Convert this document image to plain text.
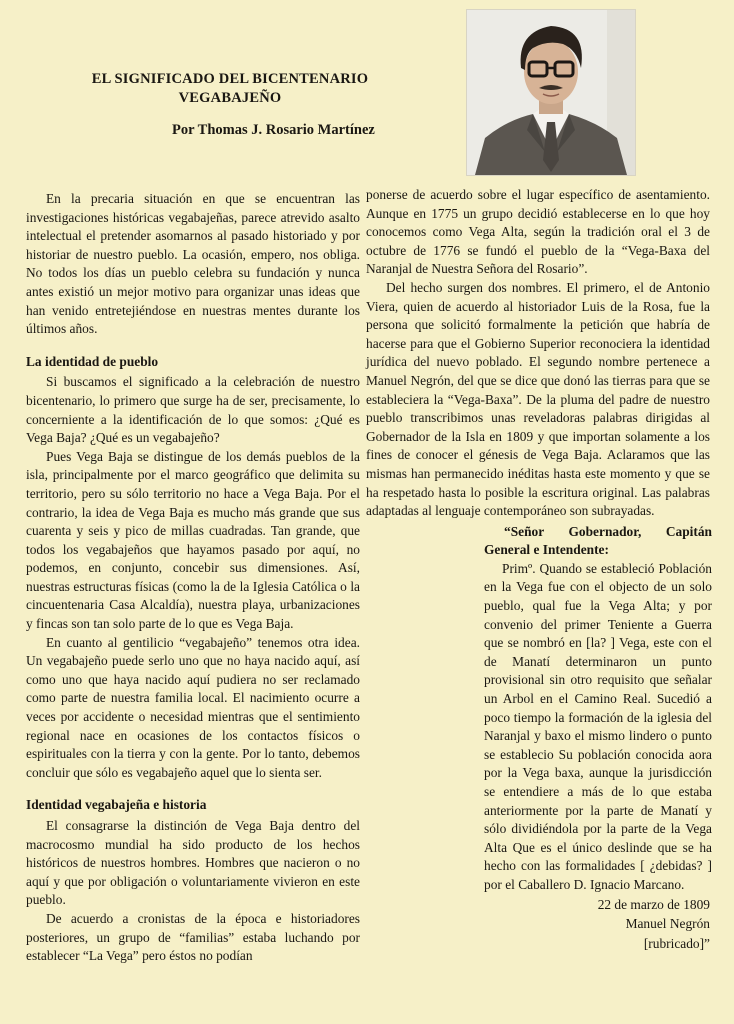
EL SIGNIFICADO DEL BICENTENARIO
VEGABAJEÑO
Por Thomas J. Rosario Martínez

En la precaria situación en que se encuentran las investigaciones históricas vegabajeñas, parece atrevido asalto intelectual el pretender asomarnos al pasado historiado y por historiar de nuestro pueblo. La ocasión, empero, nos obliga. No todos los días un pueblo celebra su fundación y nunca antes existió un mejor motivo para organizar unas ideas que han venido entretejiéndose en nuestras mentes durante los últimos años.

La identidad de pueblo

Si buscamos el significado a la celebración de nuestro bicentenario, lo primero que surge ha de ser, precisamente, lo concerniente a la identificación de lo que somos: ¿Qué es Vega Baja? ¿Qué es un vegabajeño?

Pues Vega Baja se distingue de los demás pueblos de la isla, principalmente por el marco geográfico que delimita su territorio, pero su sólo territorio no hace a Vega Baja. Por el contrario, la idea de Vega Baja es mucho más grande que sus cuarenta y seis y pico de millas cuadradas. Tan grande, que todos los vegabajeños que hayamos pasado por aquí, no podemos, en conjunto, concebir sus dimensiones. Así, nuestras estructuras físicas (como la de la Iglesia Católica o la cincuentenaria Casa Alcaldía), nuestra playa, urbanizaciones y fincas son tan solo parte de lo que es Vega Baja.

En cuanto al gentilicio “vegabajeño” tenemos otra idea. Un vegabajeño puede serlo uno que no haya nacido aquí, así como uno que haya nacido aquí pudiera no ser reclamado como parte de nuestra familia local. El nacimiento ocurre a veces por accidente o necesidad mientras que el sentimiento regional nace en ocasiones de los contactos físicos o espirituales con la tierra y con la gente. Por lo tanto, debemos concluir que sólo es vegabajeño aquel que lo sienta ser.

Identidad vegabajeña e historia

El consagrarse la distinción de Vega Baja dentro del macrocosmo mundial ha sido producto de los hechos históricos de nuestros hombres. Hombres que nacieron o no aquí y que por obligación o voluntariamente vivieron en este pueblo.

De acuerdo a cronistas de la época e historiadores posteriores, un grupo de “familias” estaba luchando por establecer “La Vega” pero éstos no podían

ponerse de acuerdo sobre el lugar específico de asentamiento. Aunque en 1775 un grupo decidió establecerse en lo que hoy conocemos como Vega Alta, según la tradición oral el 3 de octubre de 1776 se fundó el pueblo de la “Vega-Baxa del Naranjal de Nuestra Señora del Rosario”.

Del hecho surgen dos nombres. El primero, el de Antonio Viera, quien de acuerdo al historiador Luis de la Rosa, fue la persona que solicitó formalmente la petición que habría de hacerse para que el Gobierno Superior reconociera la identidad jurídica del nuevo poblado. El segundo nombre pertenece a Manuel Negrón, del que se dice que donó las tierras para que se estableciera la “Vega-Baxa”. De la pluma del padre de nuestro pueblo transcribimos unas reveladoras palabras dirigidas al Gobernador de la Isla en 1809 y que importan solamente a los fines de conocer el génesis de Vega Baja. Aclaramos que las mismas han permanecido inéditas hasta este momento y que se ha respetado hasta lo posible la escritura original. Las palabras adaptadas al lenguaje contemporáneo son subrayadas.

“Señor Gobernador, Capitán General e Intendente:

Primº. Quando se estableció Población en la Vega fue con el objecto de un solo pueblo, qual fue la Vega Alta; y por convenio del primer Teniente a Guerra que se nombró en [la? ] Vega, este con el de Manatí determinaron un punto provisional sin otro requisito que señalar un Arbol en el Camino Real. Sucedió a poco tiempo la formación de la iglesia del Naranjal y baxo el mismo lindero o punto se establecio Su población conocida aora por la Vega baxa, aunque la jurisdicción se entendiere a más de lo que estaba anteriormente por la parte de Manatí y sólo dividiéndola por la parte de la Vega Alta Que es el único deslinde que se ha hecho con las formalidades [ ¿debidas? ] por el Caballero D. Ignacio Marcano.

22 de marzo de 1809
Manuel Negrón
[rubricado]”
